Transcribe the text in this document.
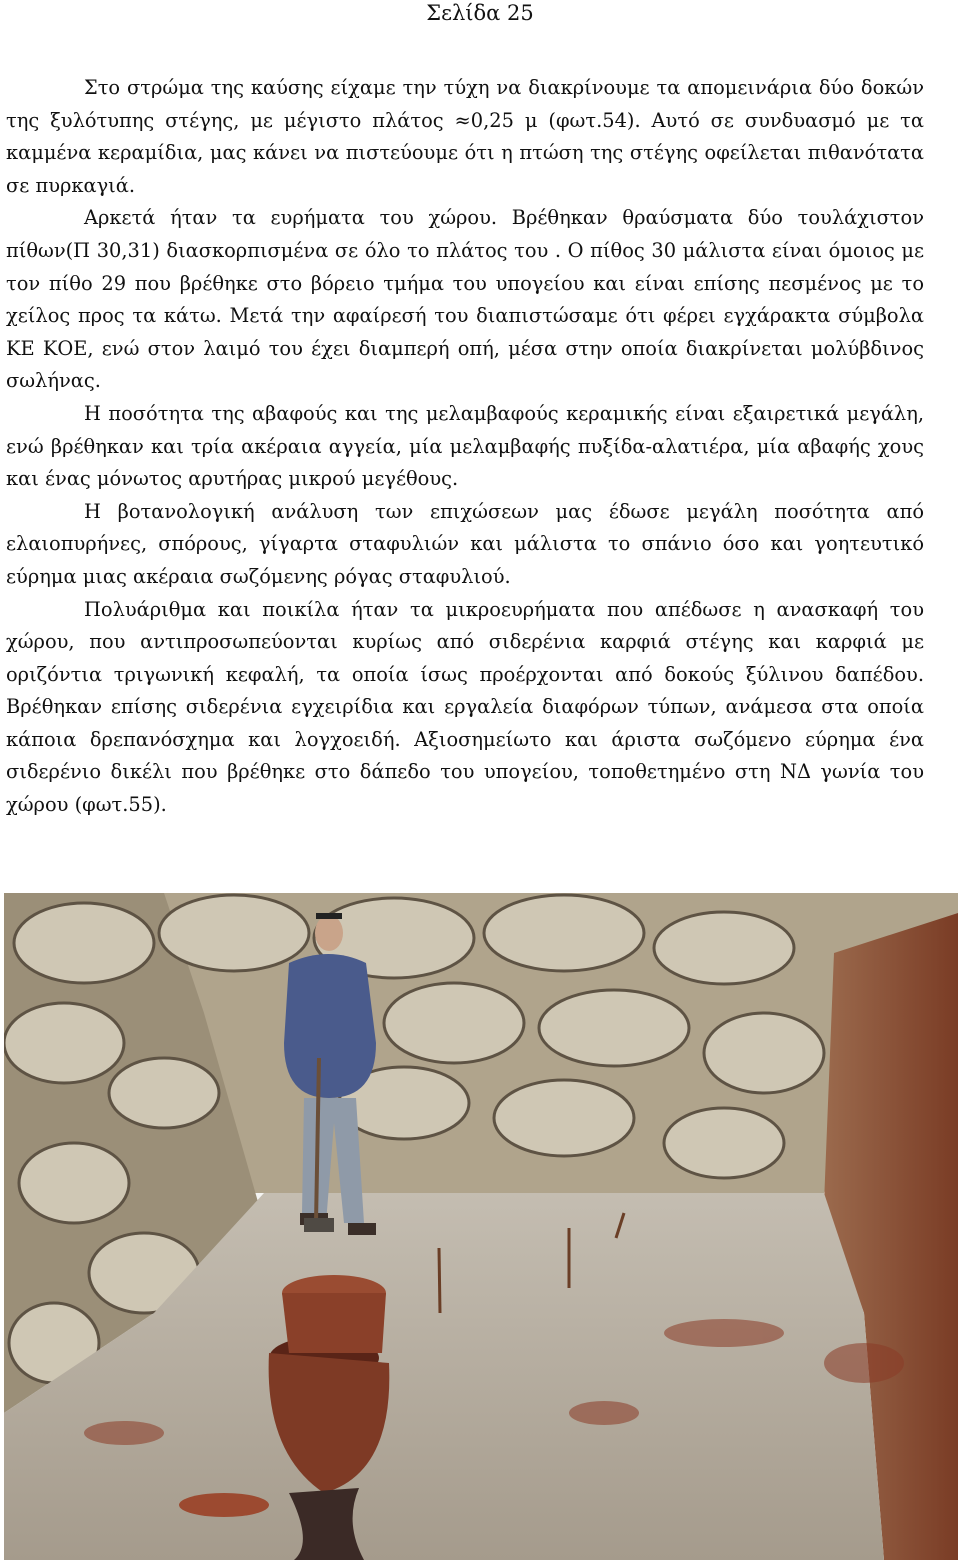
Σελίδα 25

Στο στρώμα της καύσης είχαμε την τύχη να διακρίνουμε τα απομεινάρια δύο δοκών της ξυλότυπης στέγης, με μέγιστο πλάτος ≈0,25 μ (φωτ.54). Αυτό σε συνδυασμό με τα καμμένα κεραμίδια, μας κάνει να πιστεύουμε ότι η πτώση της στέγης οφείλεται πιθανότατα σε πυρκαγιά.

Αρκετά ήταν τα ευρήματα του χώρου. Βρέθηκαν θραύσματα δύο τουλάχιστον πίθων(Π 30,31) διασκορπισμένα σε όλο το πλάτος του . Ο πίθος 30 μάλιστα είναι όμοιος με τον πίθο 29 που βρέθηκε στο βόρειο τμήμα του υπογείου και είναι επίσης πεσμένος με το χείλος προς τα κάτω. Μετά την αφαίρεσή του διαπιστώσαμε ότι φέρει εγχάρακτα σύμβολα ΚΕ ΚΟΕ, ενώ στον λαιμό του έχει διαμπερή οπή, μέσα στην οποία διακρίνεται μολύβδινος σωλήνας.

Η ποσότητα της αβαφούς και της μελαμβαφούς κεραμικής είναι εξαιρετικά μεγάλη, ενώ βρέθηκαν και τρία ακέραια αγγεία, μία μελαμβαφής πυξίδα-αλατιέρα, μία αβαφής χους και ένας μόνωτος αρυτήρας μικρού μεγέθους.

Η βοτανολογική ανάλυση των επιχώσεων μας έδωσε μεγάλη ποσότητα από ελαιοπυρήνες, σπόρους, γίγαρτα σταφυλιών και μάλιστα το σπάνιο όσο και γοητευτικό εύρημα μιας ακέραια σωζόμενης ρόγας σταφυλιού.

Πολυάριθμα και ποικίλα ήταν τα μικροευρήματα που απέδωσε η ανασκαφή του χώρου, που αντιπροσωπεύονται κυρίως από σιδερένια καρφιά στέγης και καρφιά με οριζόντια τριγωνική κεφαλή, τα οποία ίσως προέρχονται από δοκούς ξύλινου δαπέδου. Βρέθηκαν επίσης σιδερένια εγχειρίδια και εργαλεία διαφόρων τύπων, ανάμεσα στα οποία κάποια δρεπανόσχημα και λογχοειδή. Αξιοσημείωτο και άριστα σωζόμενο εύρημα ένα σιδερένιο δικέλι που βρέθηκε στο δάπεδο του υπογείου, τοποθετημένο στη ΝΔ γωνία του χώρου (φωτ.55).
